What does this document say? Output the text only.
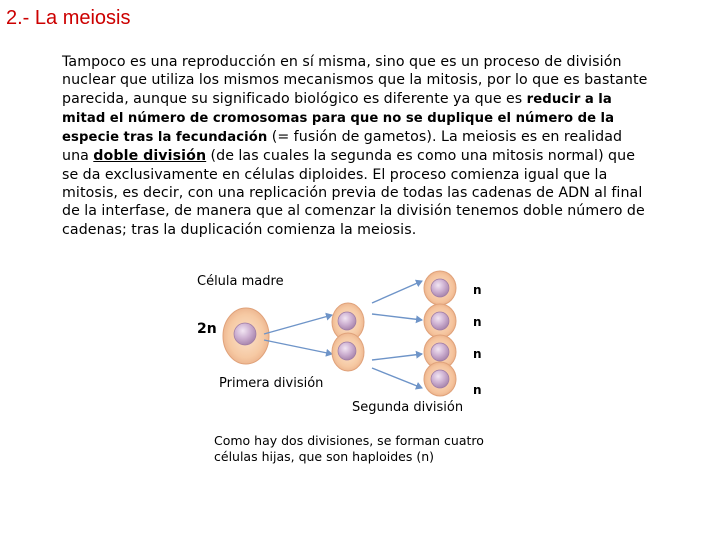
2.- La meiosis

Tampoco es una reproducción en sí misma, sino que es un proceso de división nuclear que utiliza los mismos mecanismos que la mitosis, por lo que es bastante parecida, aunque su significado biológico es diferente ya que es reducir a la mitad el número de cromosomas para que no se duplique el número de la especie tras la fecundación (= fusión de gametos). La meiosis es en realidad una doble división (de las cuales la segunda es como una mitosis normal) que se da exclusivamente en células diploides. El proceso comienza igual que la mitosis, es decir, con una replicación previa de todas las cadenas de ADN al final de la interfase, de manera que al comenzar la división tenemos doble número de cadenas; tras la duplicación comienza la meiosis.

Célula madre
2n
Primera división
Segunda división
n
n
n
n

Como hay dos divisiones, se forman cuatro células hijas, que son haploides (n)
